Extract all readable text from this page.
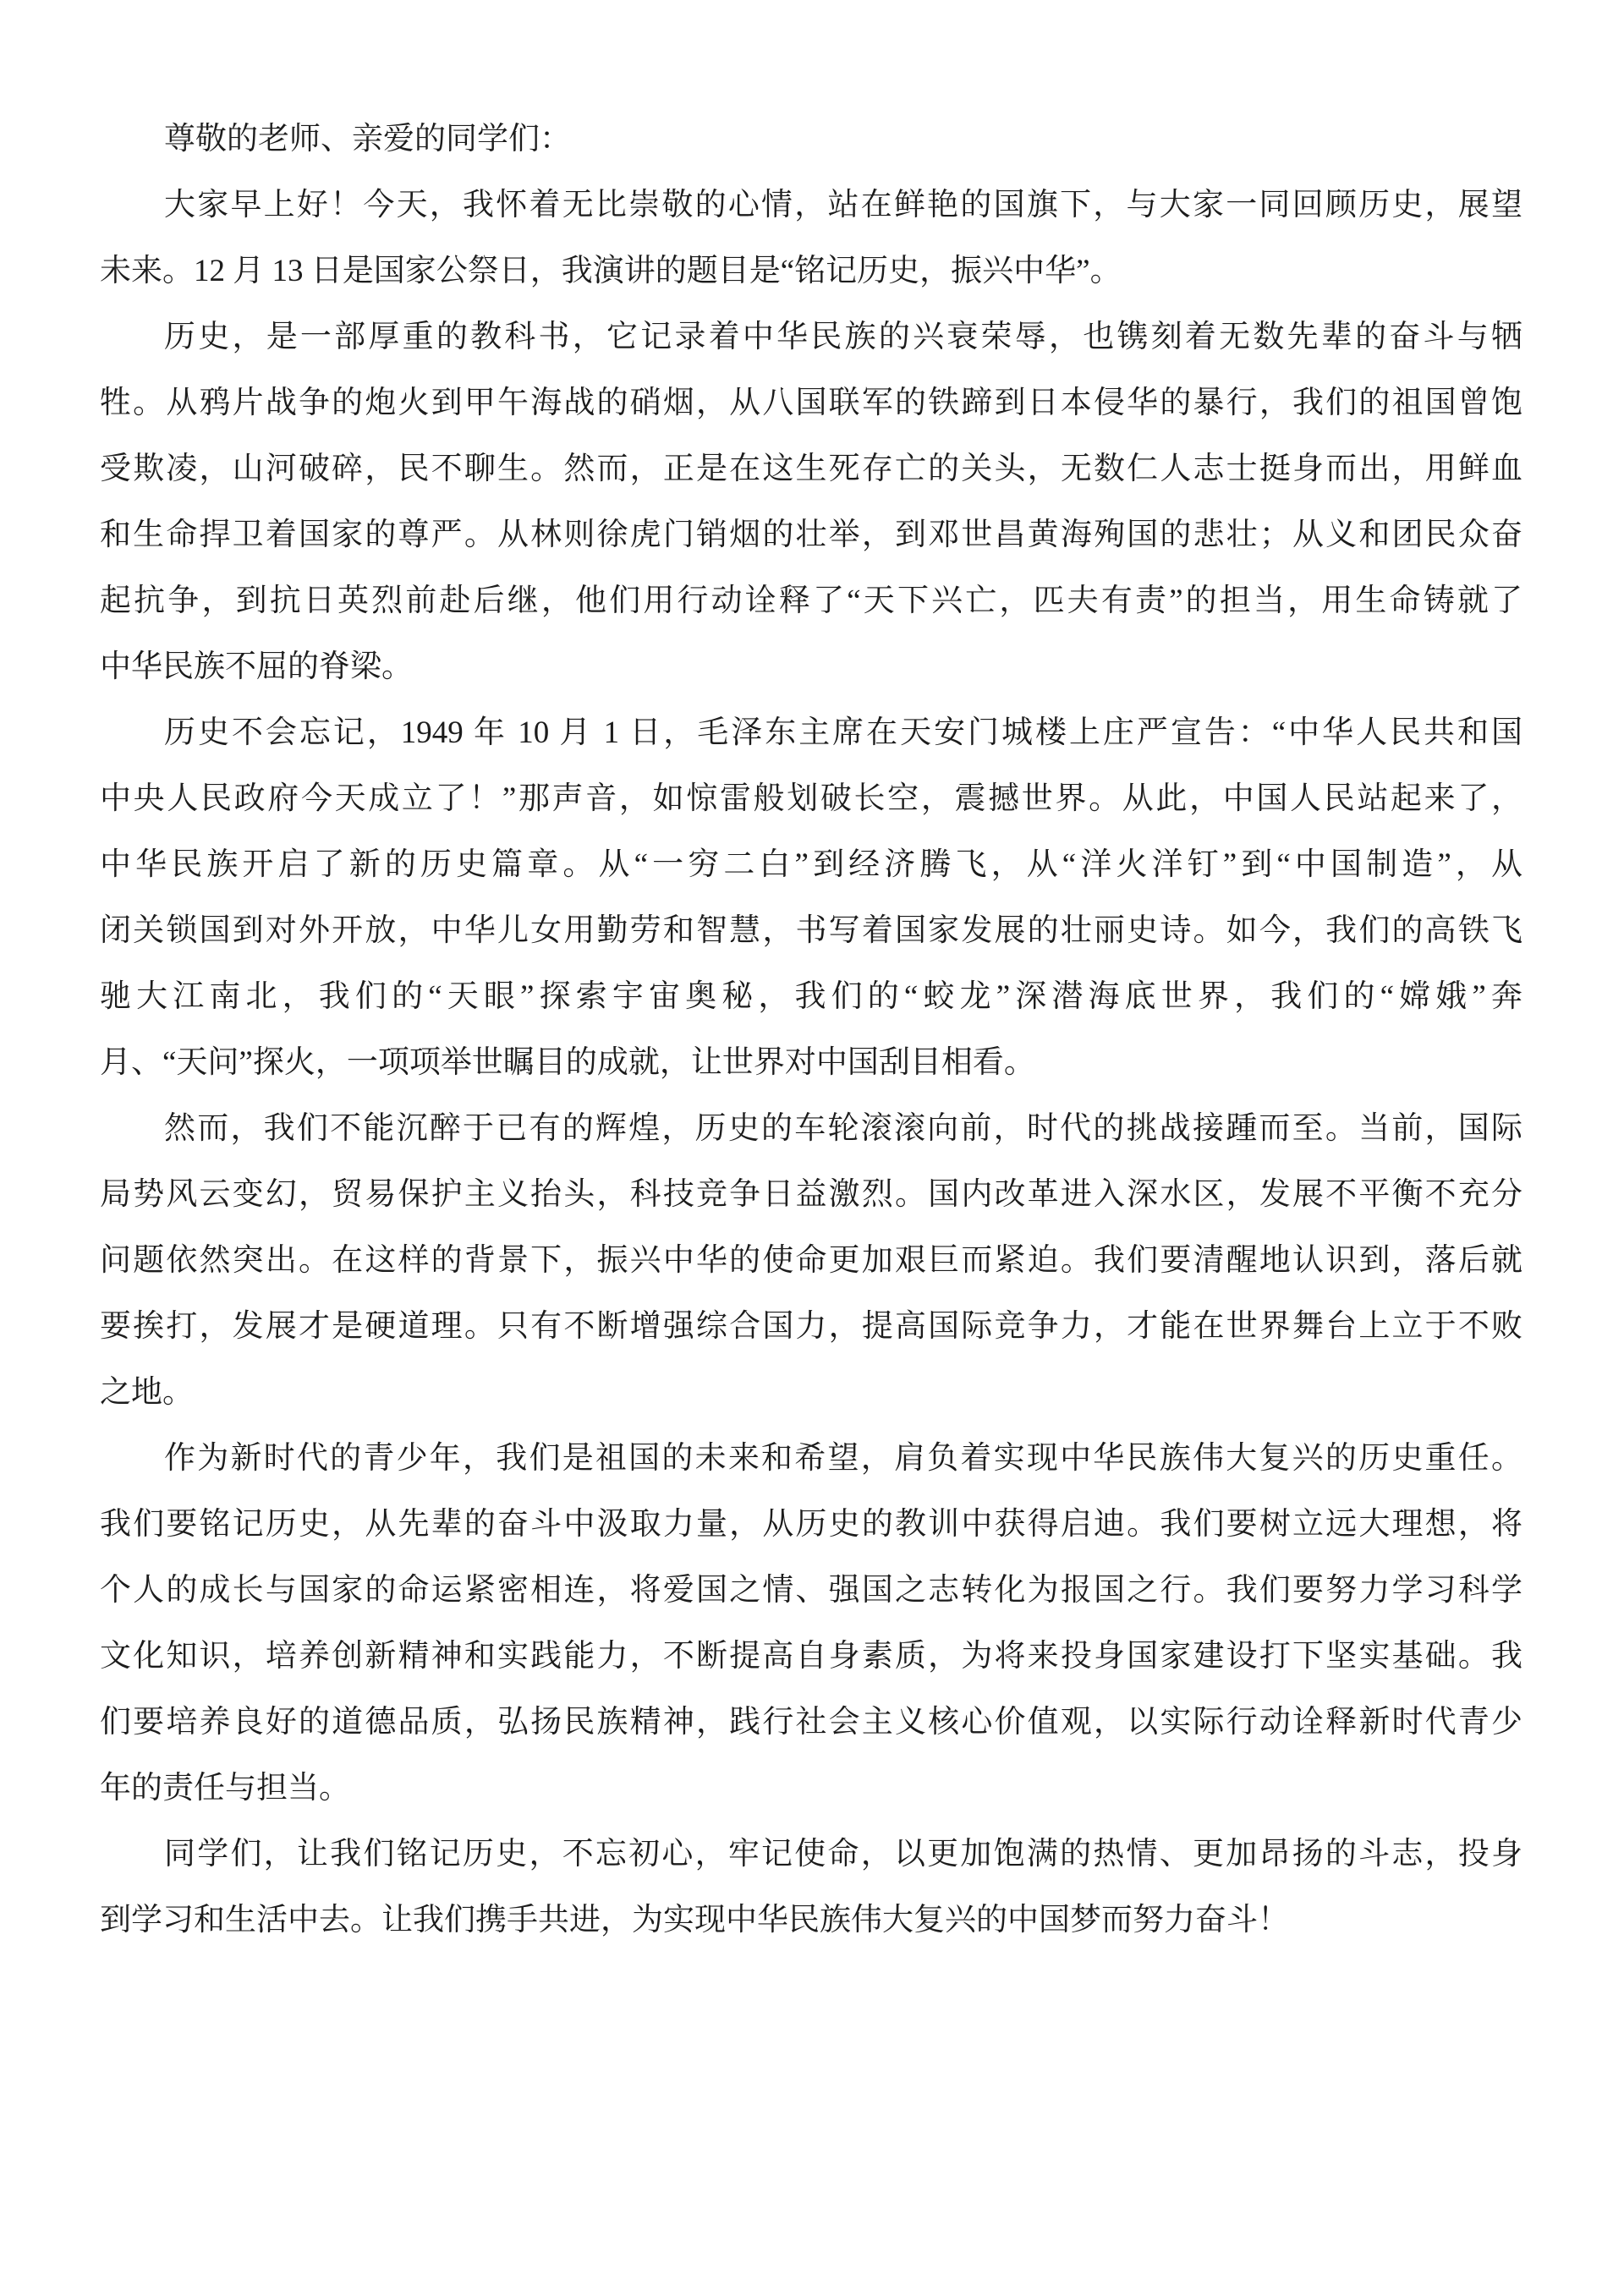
尊敬的老师、亲爱的同学们：
大家早上好！今天，我怀着无比崇敬的心情，站在鲜艳的国旗下，与大家一同回顾历史，展望
未来。12 月 13 日是国家公祭日，我演讲的题目是“铭记历史，振兴中华”。
历史，是一部厚重的教科书，它记录着中华民族的兴衰荣辱，也镌刻着无数先辈的奋斗与牺
牲。从鸦片战争的炮火到甲午海战的硝烟，从八国联军的铁蹄到日本侵华的暴行，我们的祖国曾饱
受欺凌，山河破碎，民不聊生。然而，正是在这生死存亡的关头，无数仁人志士挺身而出，用鲜血
和生命捍卫着国家的尊严。从林则徐虎门销烟的壮举，到邓世昌黄海殉国的悲壮；从义和团民众奋
起抗争，到抗日英烈前赴后继，他们用行动诠释了“天下兴亡，匹夫有责”的担当，用生命铸就了
中华民族不屈的脊梁。
历史不会忘记，1949 年 10 月 1 日，毛泽东主席在天安门城楼上庄严宣告：“中华人民共和国
中央人民政府今天成立了！”那声音，如惊雷般划破长空，震撼世界。从此，中国人民站起来了，
中华民族开启了新的历史篇章。从“一穷二白”到经济腾飞，从“洋火洋钉”到“中国制造”，从
闭关锁国到对外开放，中华儿女用勤劳和智慧，书写着国家发展的壮丽史诗。如今，我们的高铁飞
驰大江南北，我们的“天眼”探索宇宙奥秘，我们的“蛟龙”深潜海底世界，我们的“嫦娥”奔
月、“天问”探火，一项项举世瞩目的成就，让世界对中国刮目相看。
然而，我们不能沉醉于已有的辉煌，历史的车轮滚滚向前，时代的挑战接踵而至。当前，国际
局势风云变幻，贸易保护主义抬头，科技竞争日益激烈。国内改革进入深水区，发展不平衡不充分
问题依然突出。在这样的背景下，振兴中华的使命更加艰巨而紧迫。我们要清醒地认识到，落后就
要挨打，发展才是硬道理。只有不断增强综合国力，提高国际竞争力，才能在世界舞台上立于不败
之地。
作为新时代的青少年，我们是祖国的未来和希望，肩负着实现中华民族伟大复兴的历史重任。
我们要铭记历史，从先辈的奋斗中汲取力量，从历史的教训中获得启迪。我们要树立远大理想，将
个人的成长与国家的命运紧密相连，将爱国之情、强国之志转化为报国之行。我们要努力学习科学
文化知识，培养创新精神和实践能力，不断提高自身素质，为将来投身国家建设打下坚实基础。我
们要培养良好的道德品质，弘扬民族精神，践行社会主义核心价值观，以实际行动诠释新时代青少
年的责任与担当。
同学们，让我们铭记历史，不忘初心，牢记使命，以更加饱满的热情、更加昂扬的斗志，投身
到学习和生活中去。让我们携手共进，为实现中华民族伟大复兴的中国梦而努力奋斗！
